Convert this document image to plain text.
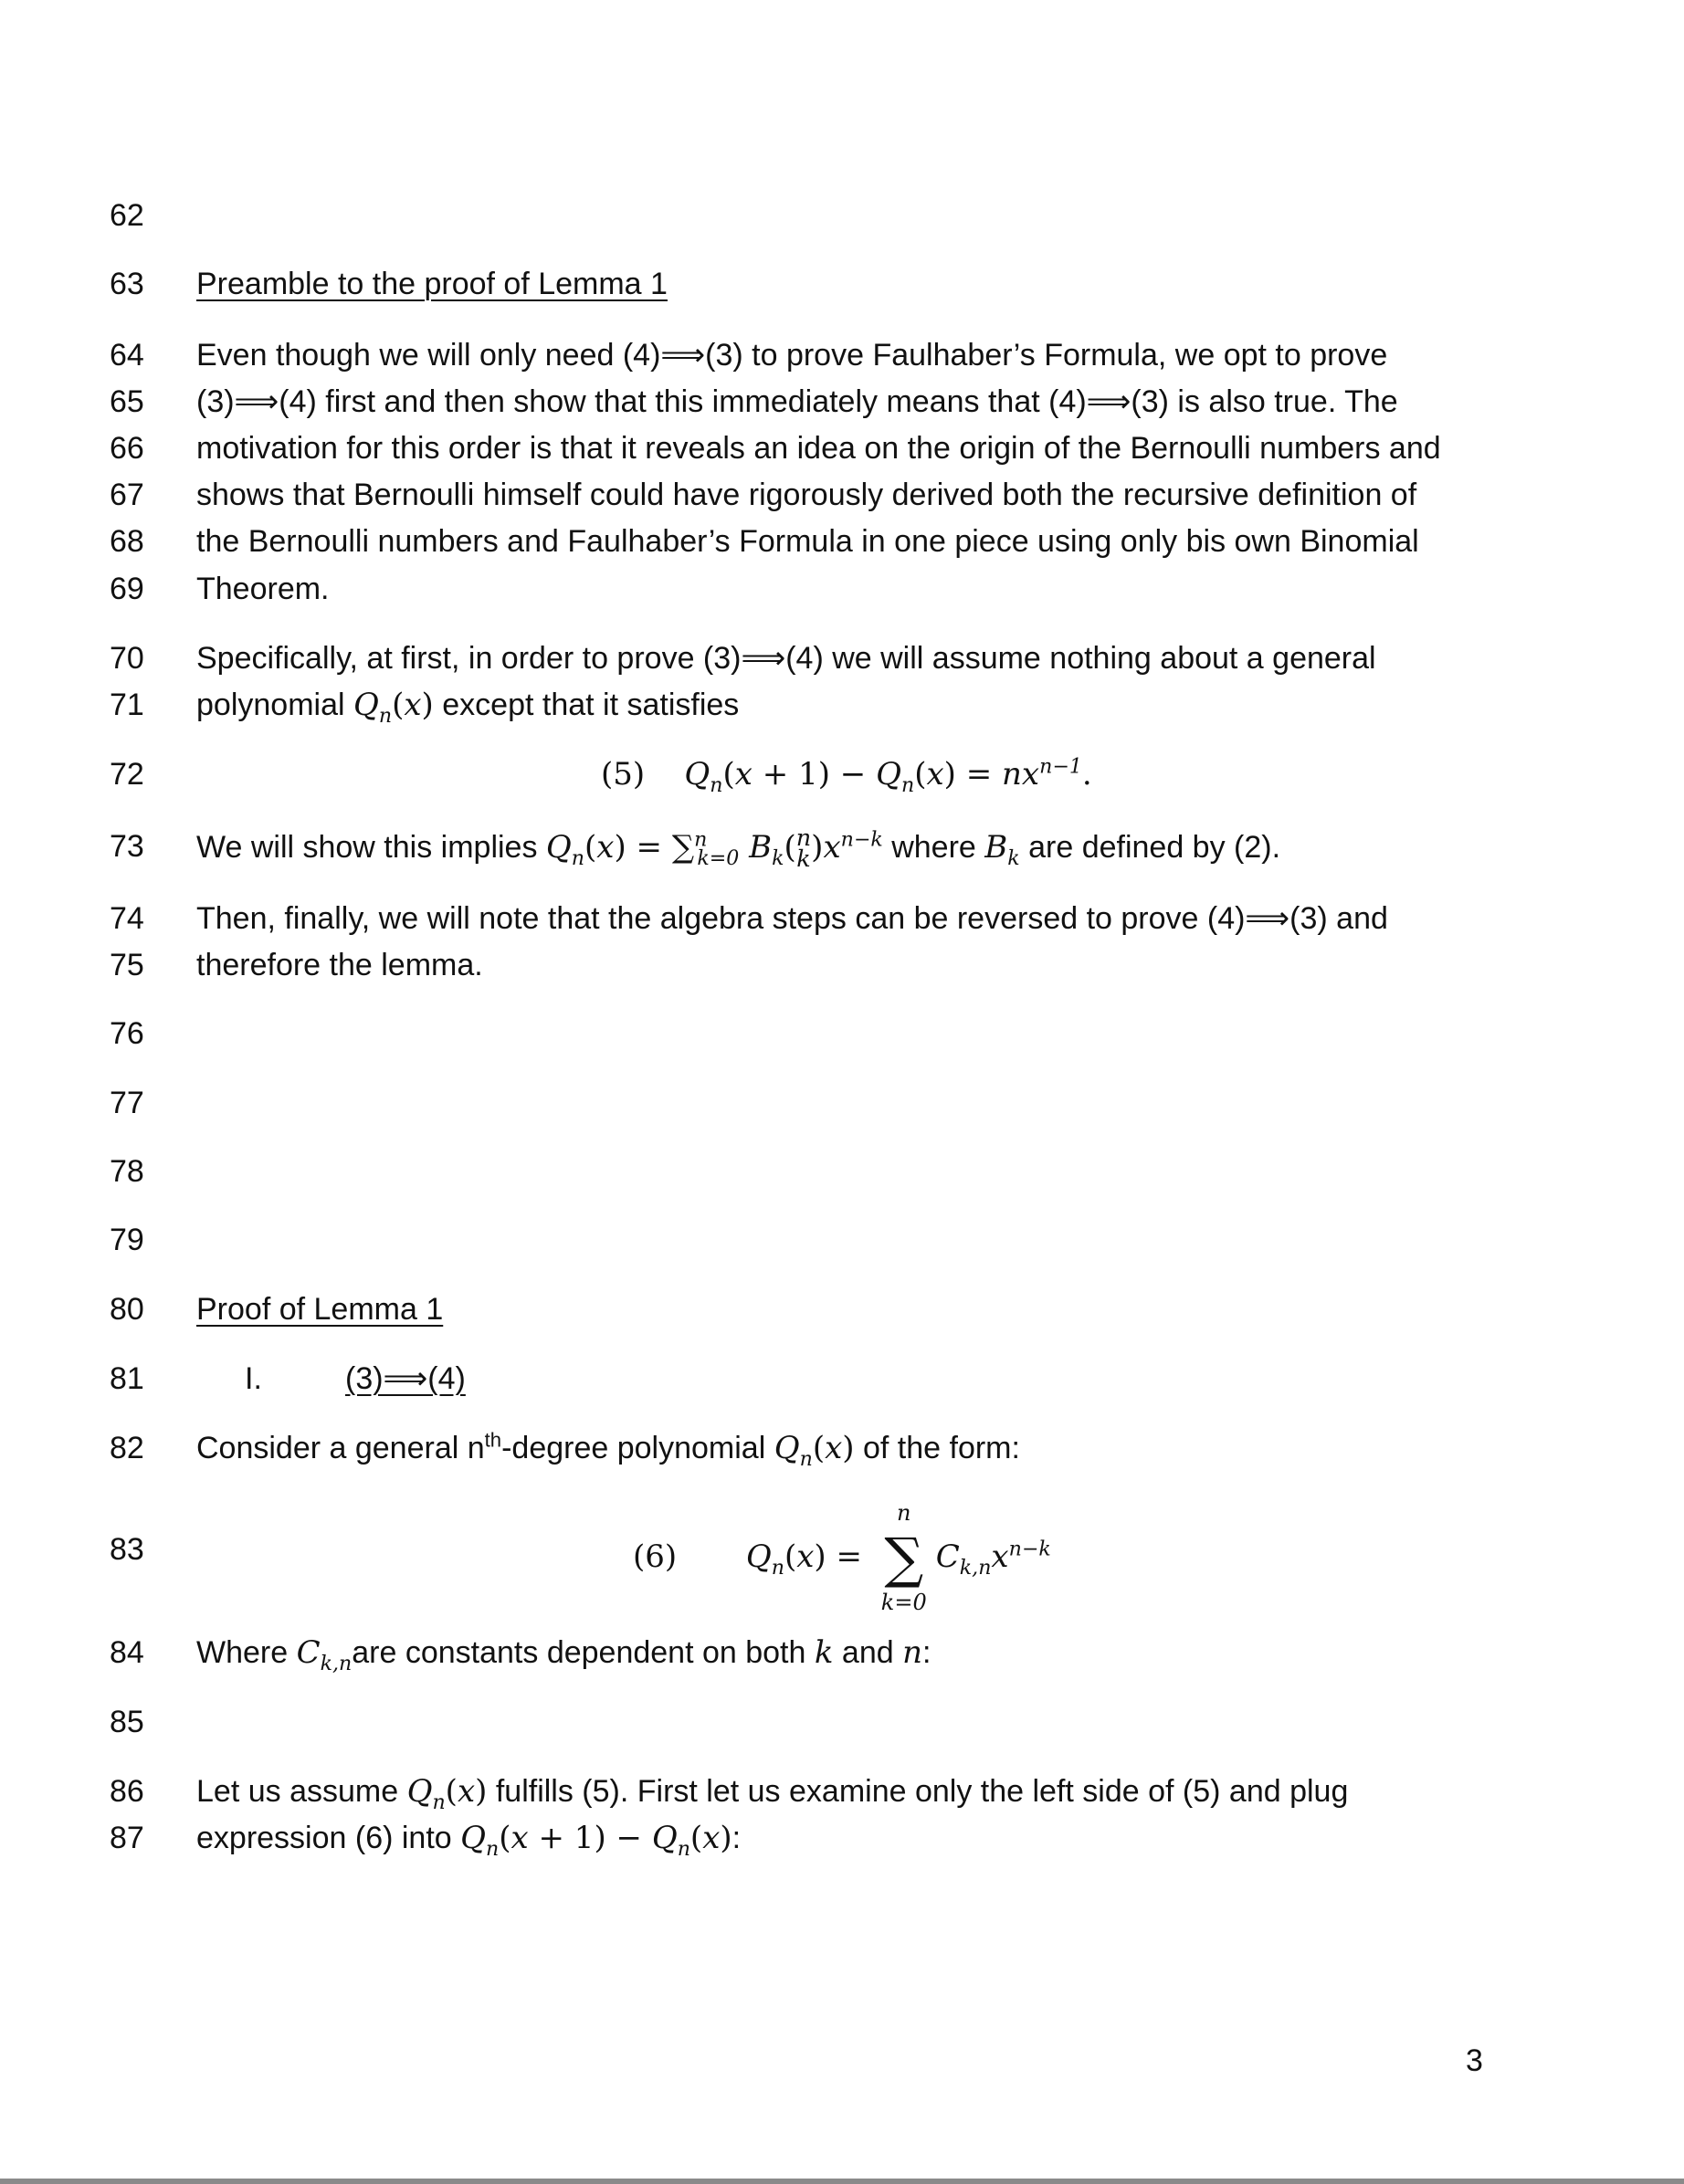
62
63
64
65
66
67
68
69
70
71
72
73
74
75
76
77
78
79
80
81
82
83
84
85
86
87
Preamble to the proof of Lemma 1
Even though we will only need (4)⟹(3) to prove Faulhaber’s Formula, we opt to prove
(3)⟹(4) first and then show that this immediately means that (4)⟹(3) is also true. The
motivation for this order is that it reveals an idea on the origin of the Bernoulli numbers and
shows that Bernoulli himself could have rigorously derived both the recursive definition of
the Bernoulli numbers and Faulhaber’s Formula in one piece using only bis own Binomial
Theorem.
Specifically, at first, in order to prove (3)⟹(4) we will assume nothing about a general
polynomial $Q_n(x)$ except that it satisfies
(5) $Q_n(x + 1) - Q_n(x) = nx^{n-1}$.
We will show this implies $Q_n(x) = \sum^n_{k=0}$ $B_k(n$
$k)x^{n-k}$ where $B_k$ are defined by (2).
Then, finally, we will note that the algebra steps can be reversed to prove (4)⟹(3) and
therefore the lemma.
Proof of Lemma 1
I.	(3)⟹(4)
Consider a general $n^{th}$-degree polynomial $Q_n(x)$ of the form:
(6) $Q_n(x)$ =
n
∑
k=0
$C_{k,n}x^{n-k}$
Where $C_{k,n}are$ constants dependent on both k and n:
Let us assume $Q_n(x)$ fulfills (5). First let us examine only the left side of (5) and plug
expression (6) into $Q_n(x + 1) - Q_n(x)$:
3
